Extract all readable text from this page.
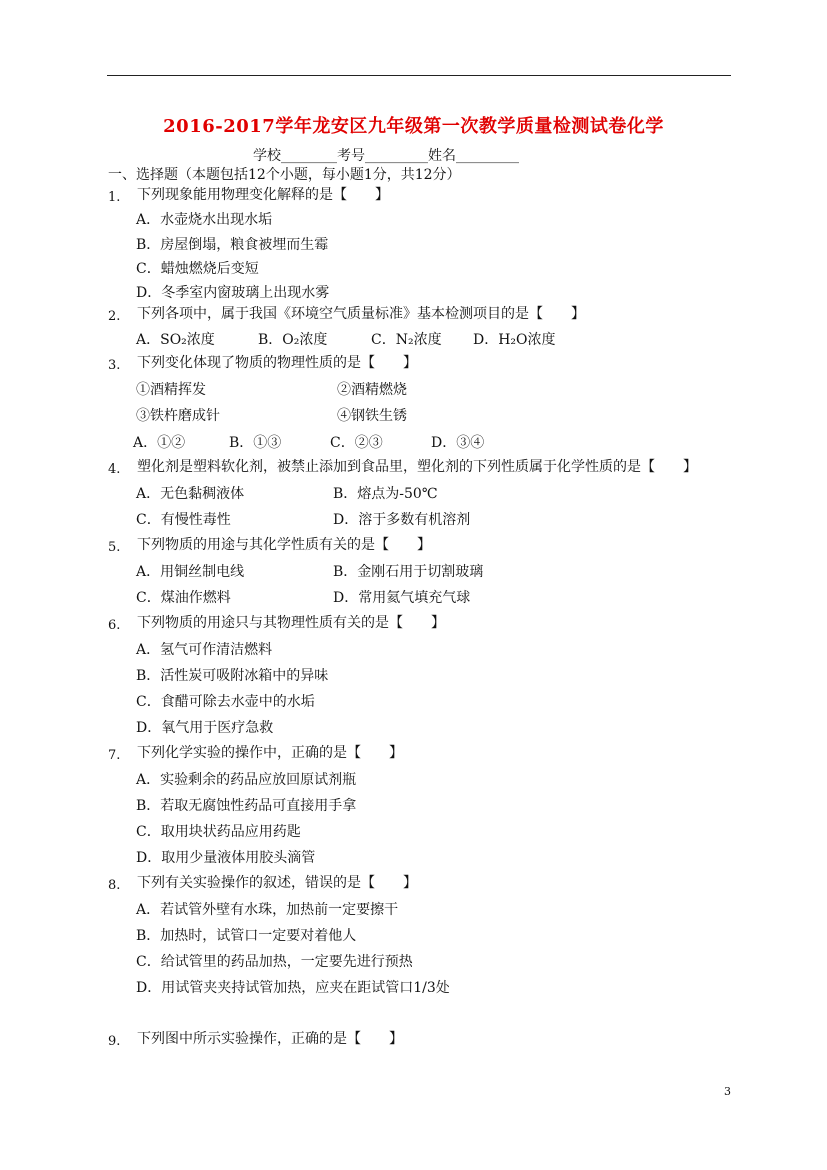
2016-2017学年龙安区九年级第一次教学质量检测试卷化学
学校________考号_________姓名_________
一、选择题（本题包括12个小题，每小题1分，共12分）
1. 下列现象能用物理变化解释的是【　　】
A．水壶烧水出现水垢
B．房屋倒塌，粮食被埋而生霉
C．蜡烛燃烧后变短
D．冬季室内窗玻璃上出现水雾
2. 下列各项中，属于我国《环境空气质量标准》基本检测项目的是【　　】
A．SO₂浓度	B．O₂浓度	C．N₂浓度 D．H₂O浓度
3. 下列变化体现了物质的物理性质的是【　　】
①酒精挥发	②酒精燃烧
③铁杵磨成针	④钢铁生锈
A．①②	B．①③	C．②③	D．③④
4. 塑化剂是塑料软化剂，被禁止添加到食品里，塑化剂的下列性质属于化学性质的是【　　】
A．无色黏稠液体	B．熔点为-50℃
C．有慢性毒性	D．溶于多数有机溶剂
5. 下列物质的用途与其化学性质有关的是【　　】
A．用铜丝制电线	B．金刚石用于切割玻璃
C．煤油作燃料	D．常用氦气填充气球
6. 下列物质的用途只与其物理性质有关的是【　　】
A．氢气可作清洁燃料
B．活性炭可吸附冰箱中的异味
C．食醋可除去水壶中的水垢
D．氧气用于医疗急救
7. 下列化学实验的操作中，正确的是【　　】
A．实验剩余的药品应放回原试剂瓶
B．若取无腐蚀性药品可直接用手拿
C．取用块状药品应用药匙
D．取用少量液体用胶头滴管
8. 下列有关实验操作的叙述，错误的是【　　】
A．若试管外壁有水珠，加热前一定要擦干
B．加热时，试管口一定要对着他人
C．给试管里的药品加热，一定要先进行预热
D．用试管夹夹持试管加热，应夹在距试管口1/3处
9. 下列图中所示实验操作，正确的是【　　】
3
